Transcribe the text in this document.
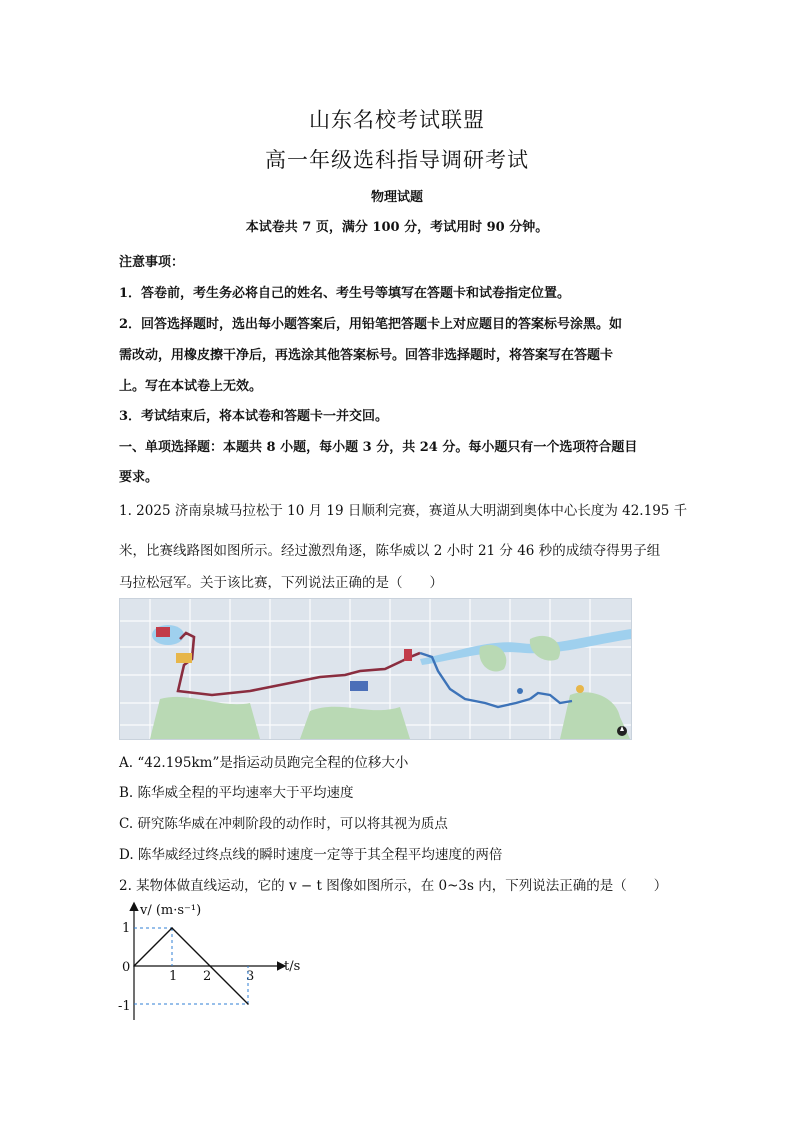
山东名校考试联盟
高一年级选科指导调研考试
物理试题
本试卷共 7 页，满分 100 分，考试用时 90 分钟。
注意事项：
1．答卷前，考生务必将自己的姓名、考生号等填写在答题卡和试卷指定位置。
2．回答选择题时，选出每小题答案后，用铅笔把答题卡上对应题目的答案标号涂黑。如
需改动，用橡皮擦干净后，再选涂其他答案标号。回答非选择题时，将答案写在答题卡
上。写在本试卷上无效。
3．考试结束后，将本试卷和答题卡一并交回。
一、单项选择题：本题共 8 小题，每小题 3 分，共 24 分。每小题只有一个选项符合题目
要求。
1. 2025 济南泉城马拉松于 10 月 19 日顺利完赛，赛道从大明湖到奥体中心长度为 42.195 千
米，比赛线路图如图所示。经过激烈角逐，陈华威以 2 小时 21 分 46 秒的成绩夺得男子组
马拉松冠军。关于该比赛，下列说法正确的是（　　）
A. “42.195km”是指运动员跑完全程的位移大小
B. 陈华威全程的平均速率大于平均速度
C. 研究陈华威在冲刺阶段的动作时，可以将其视为质点
D. 陈华威经过终点线的瞬时速度一定等于其全程平均速度的两倍
2. 某物体做直线运动，它的 v − t 图像如图所示，在 0~3s 内，下列说法正确的是（　　）
v/ (m·s⁻¹)
t/s
1
0
-1
1 2	3
